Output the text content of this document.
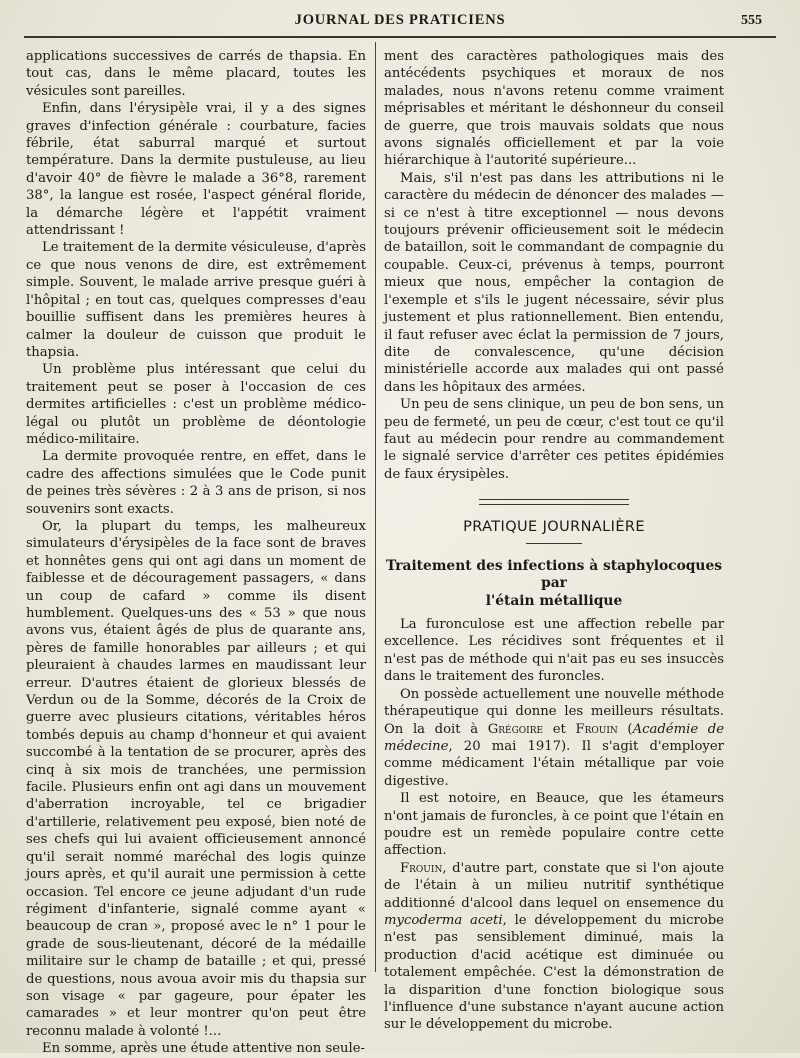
JOURNAL DES PRATICIENS	555

applications successives de carrés de thapsia. En tout cas, dans le même placard, toutes les vésicules sont pareilles.

Enfin, dans l'érysipèle vrai, il y a des signes graves d'infection générale : courbature, facies fébrile, état saburral marqué et surtout température. Dans la dermite pustuleuse, au lieu d'avoir 40° de fièvre le malade a 36°8, rarement 38°, la langue est rosée, l'aspect général floride, la démarche légère et l'appétit vraiment attendrissant !

Le traitement de la dermite vésiculeuse, d'après ce que nous venons de dire, est extrêmement simple. Souvent, le malade arrive presque guéri à l'hôpital ; en tout cas, quelques compresses d'eau bouillie suffisent dans les premières heures à calmer la douleur de cuisson que produit le thapsia.

Un problème plus intéressant que celui du traitement peut se poser à l'occasion de ces dermites artificielles : c'est un problème médico-légal ou plutôt un problème de déontologie médico-militaire.

La dermite provoquée rentre, en effet, dans le cadre des affections simulées que le Code punit de peines très sévères : 2 à 3 ans de prison, si nos souvenirs sont exacts.

Or, la plupart du temps, les malheureux simulateurs d'érysipèles de la face sont de braves et honnêtes gens qui ont agi dans un moment de faiblesse et de découragement passagers, « dans un coup de cafard » comme ils disent humblement. Quelques-uns des « 53 » que nous avons vus, étaient âgés de plus de quarante ans, pères de famille honorables par ailleurs ; et qui pleuraient à chaudes larmes en maudissant leur erreur. D'autres étaient de glorieux blessés de Verdun ou de la Somme, décorés de la Croix de guerre avec plusieurs citations, véritables héros tombés depuis au champ d'honneur et qui avaient succombé à la tentation de se procurer, après des cinq à six mois de tranchées, une permission facile. Plusieurs enfin ont agi dans un mouvement d'aberration incroyable, tel ce brigadier d'artillerie, relativement peu exposé, bien noté de ses chefs qui lui avaient officieusement annoncé qu'il serait nommé maréchal des logis quinze jours après, et qu'il aurait une permission à cette occasion. Tel encore ce jeune adjudant d'un rude régiment d'infanterie, signalé comme ayant « beaucoup de cran », proposé avec le n° 1 pour le grade de sous-lieutenant, décoré de la médaille militaire sur le champ de bataille ; et qui, pressé de questions, nous avoua avoir mis du thapsia sur son visage « par gageure, pour épater les camarades » et leur montrer qu'on peut être reconnu malade à volonté !...

En somme, après une étude attentive non seule-

ment des caractères pathologiques mais des antécédents psychiques et moraux de nos malades, nous n'avons retenu comme vraiment méprisables et méritant le déshonneur du conseil de guerre, que trois mauvais soldats que nous avons signalés officiellement et par la voie hiérarchique à l'autorité supérieure...

Mais, s'il n'est pas dans les attributions ni le caractère du médecin de dénoncer des malades — si ce n'est à titre exceptionnel — nous devons toujours prévenir officieusement soit le médecin de bataillon, soit le commandant de compagnie du coupable. Ceux-ci, prévenus à temps, pourront mieux que nous, empêcher la contagion de l'exemple et s'ils le jugent nécessaire, sévir plus justement et plus rationnellement. Bien entendu, il faut refuser avec éclat la permission de 7 jours, dite de convalescence, qu'une décision ministérielle accorde aux malades qui ont passé dans les hôpitaux des armées.

Un peu de sens clinique, un peu de bon sens, un peu de fermeté, un peu de cœur, c'est tout ce qu'il faut au médecin pour rendre au commandement le signalé service d'arrêter ces petites épidémies de faux érysipèles.

PRATIQUE JOURNALIÈRE
Traitement des infections à staphylocoques par
l'étain métallique

La furonculose est une affection rebelle par excellence. Les récidives sont fréquentes et il n'est pas de méthode qui n'ait pas eu ses insuccès dans le traitement des furoncles.

On possède actuellement une nouvelle méthode thérapeutique qui donne les meilleurs résultats. On la doit à Grégoire et Frouin (Académie de médecine, 20 mai 1917). Il s'agit d'employer comme médicament l'étain métallique par voie digestive.

Il est notoire, en Beauce, que les étameurs n'ont jamais de furoncles, à ce point que l'étain en poudre est un remède populaire contre cette affection.

Frouin, d'autre part, constate que si l'on ajoute de l'étain à un milieu nutritif synthétique additionné d'alcool dans lequel on ensemence du mycoderma aceti, le développement du microbe n'est pas sensiblement diminué, mais la production d'acid acétique est diminuée ou totalement empêchée. C'est la démonstration de la disparition d'une fonction biologique sous l'influence d'une substance n'ayant aucune action sur le développement du microbe.
